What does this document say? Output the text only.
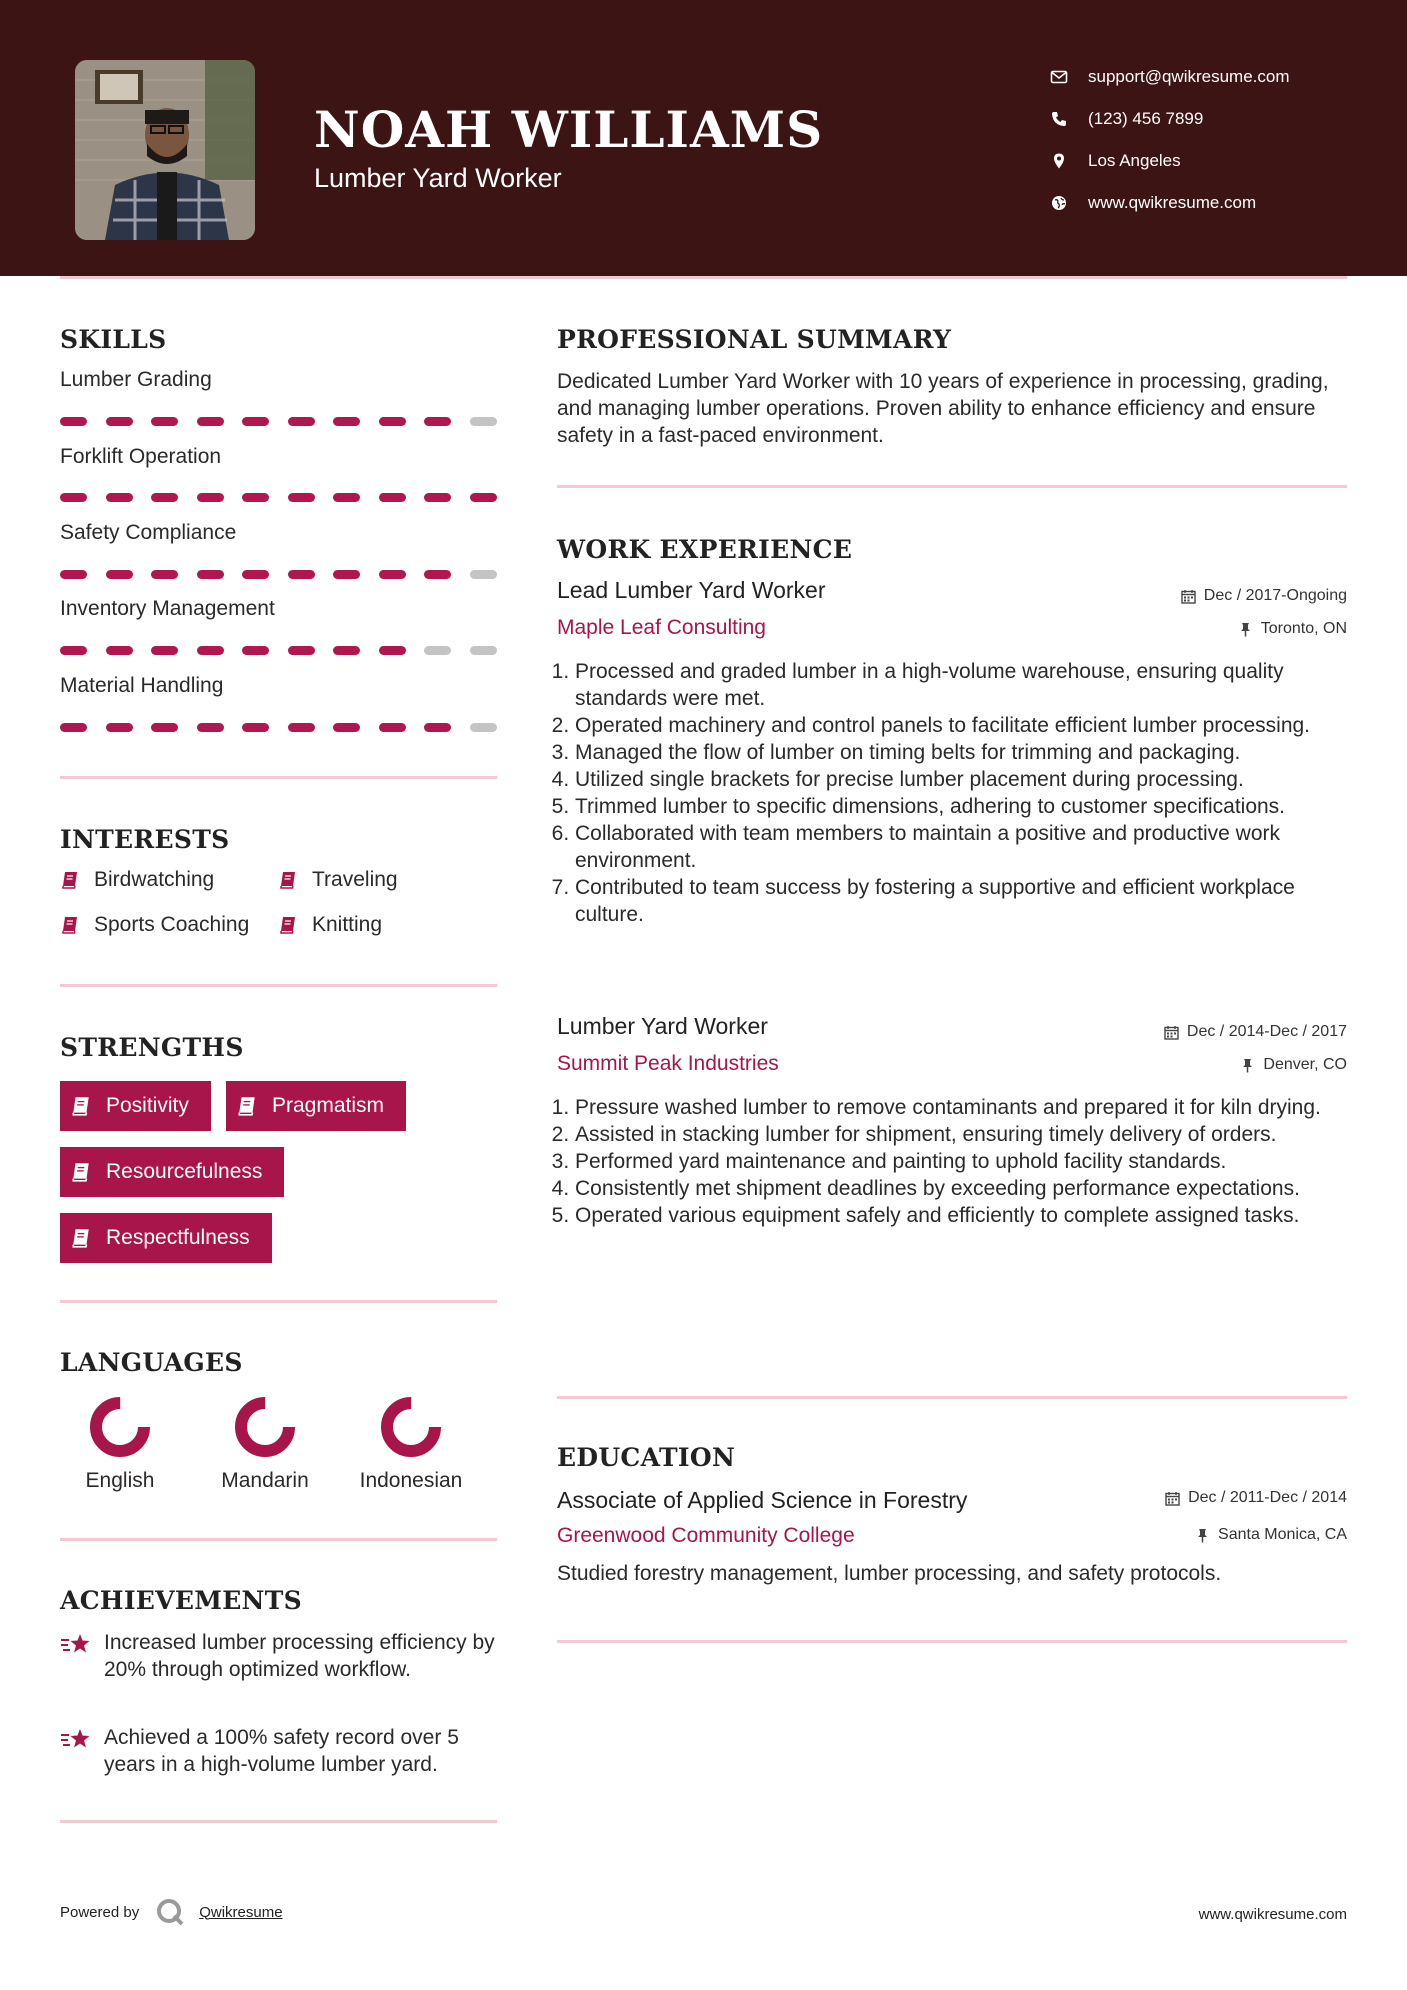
NOAH WILLIAMS
Lumber Yard Worker
support@qwikresume.com
(123) 456 7899
Los Angeles
www.qwikresume.com
SKILLS
Lumber Grading
Forklift Operation
Safety Compliance
Inventory Management
Material Handling
INTERESTS
Birdwatching	Traveling
Sports Coaching	Knitting
STRENGTHS
Positivity	Pragmatism
Resourcefulness
Respectfulness
LANGUAGES
English	Mandarin	Indonesian
ACHIEVEMENTS
Increased lumber processing efficiency by 20% through optimized workflow.
Achieved a 100% safety record over 5 years in a high-volume lumber yard.
PROFESSIONAL SUMMARY
Dedicated Lumber Yard Worker with 10 years of experience in processing, grading, and managing lumber operations. Proven ability to enhance efficiency and ensure safety in a fast-paced environment.
WORK EXPERIENCE
Lead Lumber Yard Worker	Dec / 2017-Ongoing
Maple Leaf Consulting	Toronto, ON
1. Processed and graded lumber in a high-volume warehouse, ensuring quality standards were met.
2. Operated machinery and control panels to facilitate efficient lumber processing.
3. Managed the flow of lumber on timing belts for trimming and packaging.
4. Utilized single brackets for precise lumber placement during processing.
5. Trimmed lumber to specific dimensions, adhering to customer specifications.
6. Collaborated with team members to maintain a positive and productive work environment.
7. Contributed to team success by fostering a supportive and efficient workplace culture.
Lumber Yard Worker	Dec / 2014-Dec / 2017
Summit Peak Industries	Denver, CO
1. Pressure washed lumber to remove contaminants and prepared it for kiln drying.
2. Assisted in stacking lumber for shipment, ensuring timely delivery of orders.
3. Performed yard maintenance and painting to uphold facility standards.
4. Consistently met shipment deadlines by exceeding performance expectations.
5. Operated various equipment safely and efficiently to complete assigned tasks.
EDUCATION
Associate of Applied Science in Forestry	Dec / 2011-Dec / 2014
Greenwood Community College	Santa Monica, CA
Studied forestry management, lumber processing, and safety protocols.
Powered by	Qwikresume	www.qwikresume.com
